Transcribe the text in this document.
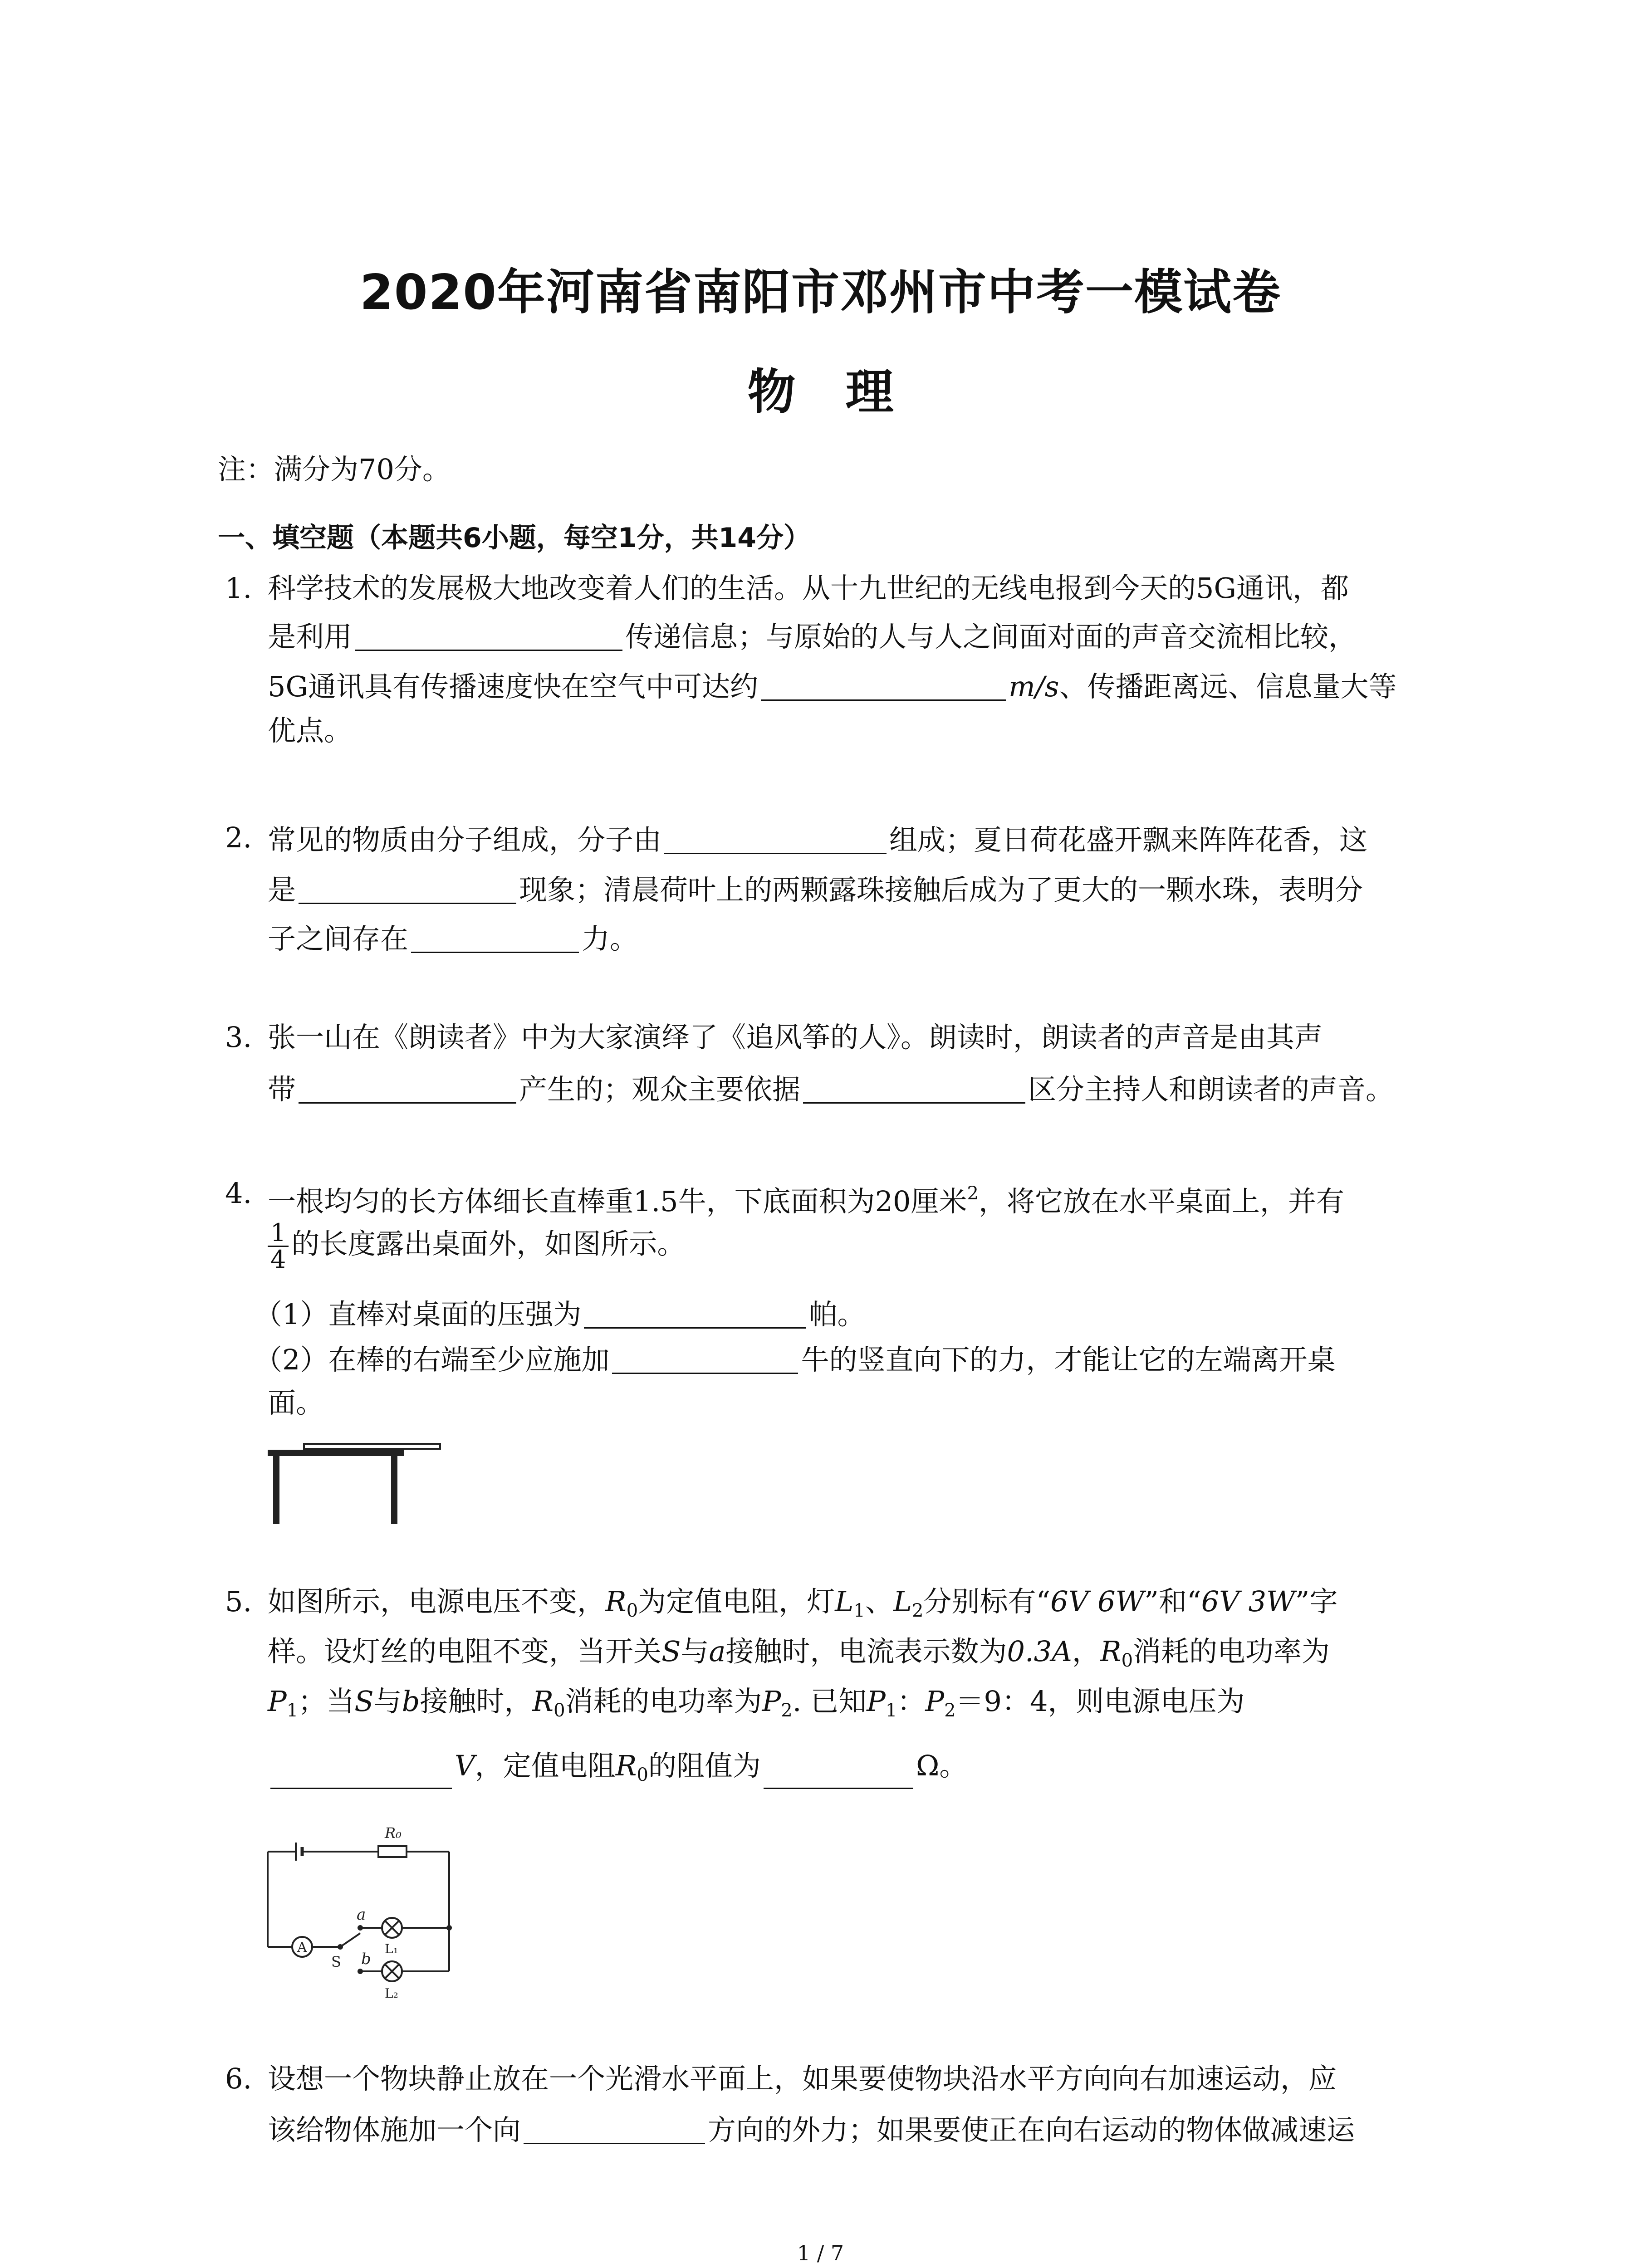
2020年河南省南阳市邓州市中考一模试卷
物理
注：满分为70分。
一、填空题（本题共6小题，每空1分，共14分）
1. 科学技术的发展极大地改变着人们的生活。从十九世纪的无线电报到今天的5G通讯，都
是利用	传递信息；与原始的人与人之间面对面的声音交流相比较，
5G通讯具有传播速度快在空气中可达约	m/s、传播距离远、信息量大等
优点。
2. 常见的物质由分子组成，分子由	组成；夏日荷花盛开飘来阵阵花香，这
是	现象；清晨荷叶上的两颗露珠接触后成为了更大的一颗水珠，表明分
子之间存在	力。
3. 张一山在《朗读者》中为大家演绎了《追风筝的人》。朗读时，朗读者的声音是由其声
带	产生的；观众主要依据	区分主持人和朗读者的声音。
4. 一根均匀的长方体细长直棒重1.5牛，下底面积为20厘米$^2$，将它放在水平桌面上，并有
$\frac{1}{4}$ 的长度露出桌面外，如图所示。
（1）直棒对桌面的压强为	帕。
（2）在棒的右端至少应施加	牛的竖直向下的力，才能让它的左端离开桌
面。
5. 如图所示，电源电压不变，$R_0$为定值电阻，灯$L_1$、$L_2$分别标有“6V 6W”和“6V 3W”字
样。设灯丝的电阻不变，当开关S与a接触时，电流表示数为0.3A，$R_0$消耗的电功率为
$P_1$；当S与b接触时，$R_0$消耗的电功率为$P_2$. 已知$P_1$：$P_2=9$：4，则电源电压为
V，定值电阻$R_0$的阻值为	Ω。
R₀
a
b
S
A	L₁
L₂
6. 设想一个物块静止放在一个光滑水平面上，如果要使物块沿水平方向向右加速运动，应
该给物体施加一个向	方向的外力；如果要使正在向右运动的物体做减速运
1 / 7
